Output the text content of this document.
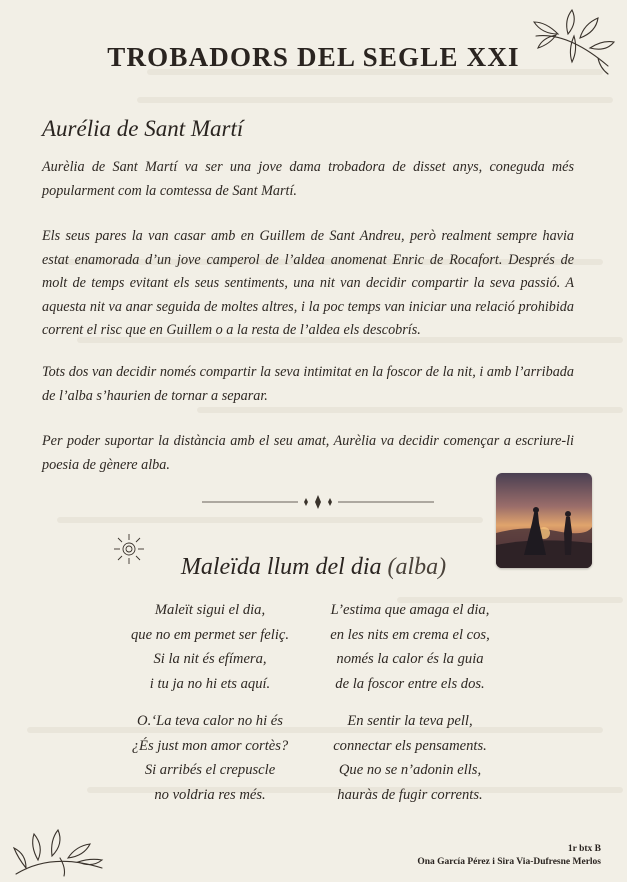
TROBADORS DEL SEGLE XXI
Aurélia de Sant Martí
Aurèlia de Sant Martí va ser una jove dama trobadora de disset anys, coneguda més popularment com la comtessa de Sant Martí.
Els seus pares la van casar amb en Guillem de Sant Andreu, però realment sempre havia estat enamorada d’un jove camperol de l’aldea anomenat Enric de Rocafort. Després de molt de temps evitant els seus sentiments, una nit van decidir compartir la seva passió. A aquesta nit va anar seguida de moltes altres, i la poc temps van iniciar una relació prohibida corrent el risc que en Guillem o a la resta de l’aldea els descobrís.
Tots dos van decidir només compartir la seva intimitat en la foscor de la nit, i amb l’arribada de l’alba s’haurien de tornar a separar.
Per poder suportar la distància amb el seu amat, Aurèlia va decidir començar a escriure-li poesia de gènere alba.
Maleïda llum del dia (alba)
Maleït sigui el dia,
que no em permet ser feliç.
Si la nit és efímera,
i tu ja no hi ets aquí.
L’estima que amaga el dia,
en les nits em crema el cos,
només la calor és la guia
de la foscor entre els dos.
O.‘La teva calor no hi és
¿És just mon amor cortès?
Si arribés el crepuscle
no voldria res més.
En sentir la teva pell,
connectar els pensaments.
Que no se n’adonin ells,
hauràs de fugir corrents.
1r btx B
Ona García Pérez i Sira Via-Dufresne Merlos
